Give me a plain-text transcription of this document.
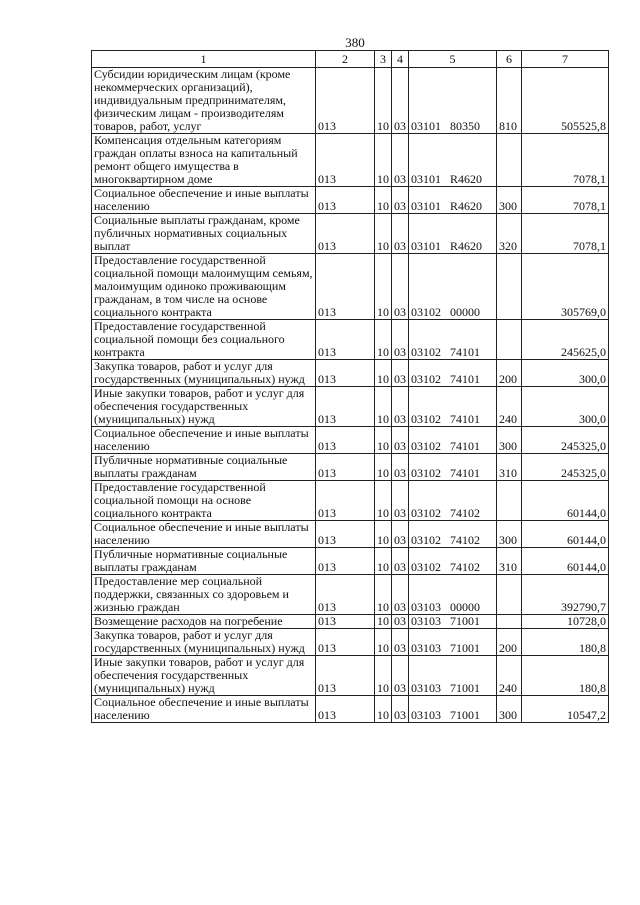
380
1	2	3	4	5	6	7
Субсидии юридическим лицам (кроме некоммерческих организаций), индивидуальным предпринимателям, физическим лицам - производителям товаров, работ, услуг	013	10	03	03101 80350	810	505525,8
Компенсация отдельным категориям граждан оплаты взноса на капитальный ремонт общего имущества в многоквартирном доме	013	10	03	03101 R4620		7078,1
Социальное обеспечение и иные выплаты населению	013	10	03	03101 R4620	300	7078,1
Социальные выплаты гражданам, кроме публичных нормативных социальных выплат	013	10	03	03101 R4620	320	7078,1
Предоставление государственной социальной помощи малоимущим семьям, малоимущим одиноко проживающим гражданам, в том числе на основе социального контракта	013	10	03	03102 00000		305769,0
Предоставление государственной социальной помощи без социального контракта	013	10	03	03102 74101		245625,0
Закупка товаров, работ и услуг для государственных (муниципальных) нужд	013	10	03	03102 74101	200	300,0
Иные закупки товаров, работ и услуг для обеспечения государственных (муниципальных) нужд	013	10	03	03102 74101	240	300,0
Социальное обеспечение и иные выплаты населению	013	10	03	03102 74101	300	245325,0
Публичные нормативные социальные выплаты гражданам	013	10	03	03102 74101	310	245325,0
Предоставление государственной социальной помощи на основе социального контракта	013	10	03	03102 74102		60144,0
Социальное обеспечение и иные выплаты населению	013	10	03	03102 74102	300	60144,0
Публичные нормативные социальные выплаты гражданам	013	10	03	03102 74102	310	60144,0
Предоставление мер социальной поддержки, связанных со здоровьем и жизнью граждан	013	10	03	03103 00000		392790,7
Возмещение расходов на погребение	013	10	03	03103 71001		10728,0
Закупка товаров, работ и услуг для государственных (муниципальных) нужд	013	10	03	03103 71001	200	180,8
Иные закупки товаров, работ и услуг для обеспечения государственных (муниципальных) нужд	013	10	03	03103 71001	240	180,8
Социальное обеспечение и иные выплаты населению	013	10	03	03103 71001	300	10547,2
